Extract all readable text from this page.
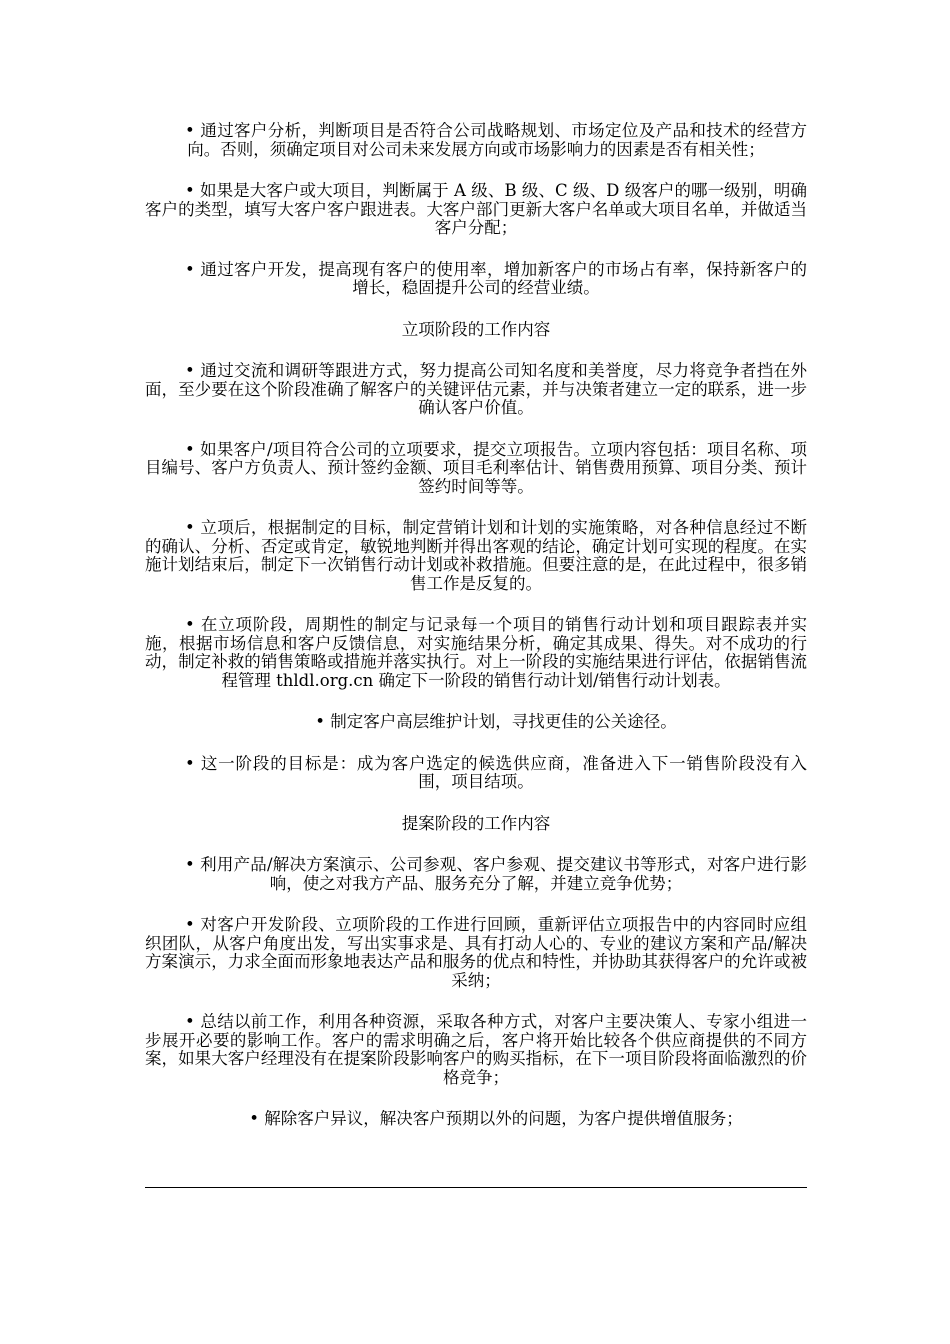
• 通过客户分析，判断项目是否符合公司战略规划、市场定位及产品和技术的经营方向。否则，须确定项目对公司未来发展方向或市场影响力的因素是否有相关性；

• 如果是大客户或大项目，判断属于 A 级、B 级、C 级、D 级客户的哪一级别，明确客户的类型，填写大客户客户跟进表。大客户部门更新大客户名单或大项目名单，并做适当客户分配；

• 通过客户开发，提高现有客户的使用率，增加新客户的市场占有率，保持新客户的增长，稳固提升公司的经营业绩。

立项阶段的工作内容

• 通过交流和调研等跟进方式，努力提高公司知名度和美誉度，尽力将竞争者挡在外面，至少要在这个阶段准确了解客户的关键评估元素，并与决策者建立一定的联系，进一步确认客户价值。

• 如果客户/项目符合公司的立项要求，提交立项报告。立项内容包括：项目名称、项目编号、客户方负责人、预计签约金额、项目毛利率估计、销售费用预算、项目分类、预计签约时间等等。

• 立项后，根据制定的目标，制定营销计划和计划的实施策略，对各种信息经过不断的确认、分析、否定或肯定，敏锐地判断并得出客观的结论，确定计划可实现的程度。在实施计划结束后，制定下一次销售行动计划或补救措施。但要注意的是，在此过程中，很多销售工作是反复的。

• 在立项阶段，周期性的制定与记录每一个项目的销售行动计划和项目跟踪表并实施，根据市场信息和客户反馈信息，对实施结果分析，确定其成果、得失。对不成功的行动，制定补救的销售策略或措施并落实执行。对上一阶段的实施结果进行评估，依据销售流程管理 thldl.org.cn 确定下一阶段的销售行动计划/销售行动计划表。

• 制定客户高层维护计划，寻找更佳的公关途径。

• 这一阶段的目标是：成为客户选定的候选供应商，准备进入下一销售阶段没有入围，项目结项。

提案阶段的工作内容

• 利用产品/解决方案演示、公司参观、客户参观、提交建议书等形式，对客户进行影响，使之对我方产品、服务充分了解，并建立竞争优势；

• 对客户开发阶段、立项阶段的工作进行回顾，重新评估立项报告中的内容同时应组织团队，从客户角度出发，写出实事求是、具有打动人心的、专业的建议方案和产品/解决方案演示，力求全面而形象地表达产品和服务的优点和特性，并协助其获得客户的允许或被采纳；

• 总结以前工作，利用各种资源，采取各种方式，对客户主要决策人、专家小组进一步展开必要的影响工作。客户的需求明确之后，客户将开始比较各个供应商提供的不同方案，如果大客户经理没有在提案阶段影响客户的购买指标，在下一项目阶段将面临激烈的价格竞争；

• 解除客户异议，解决客户预期以外的问题，为客户提供增值服务；
